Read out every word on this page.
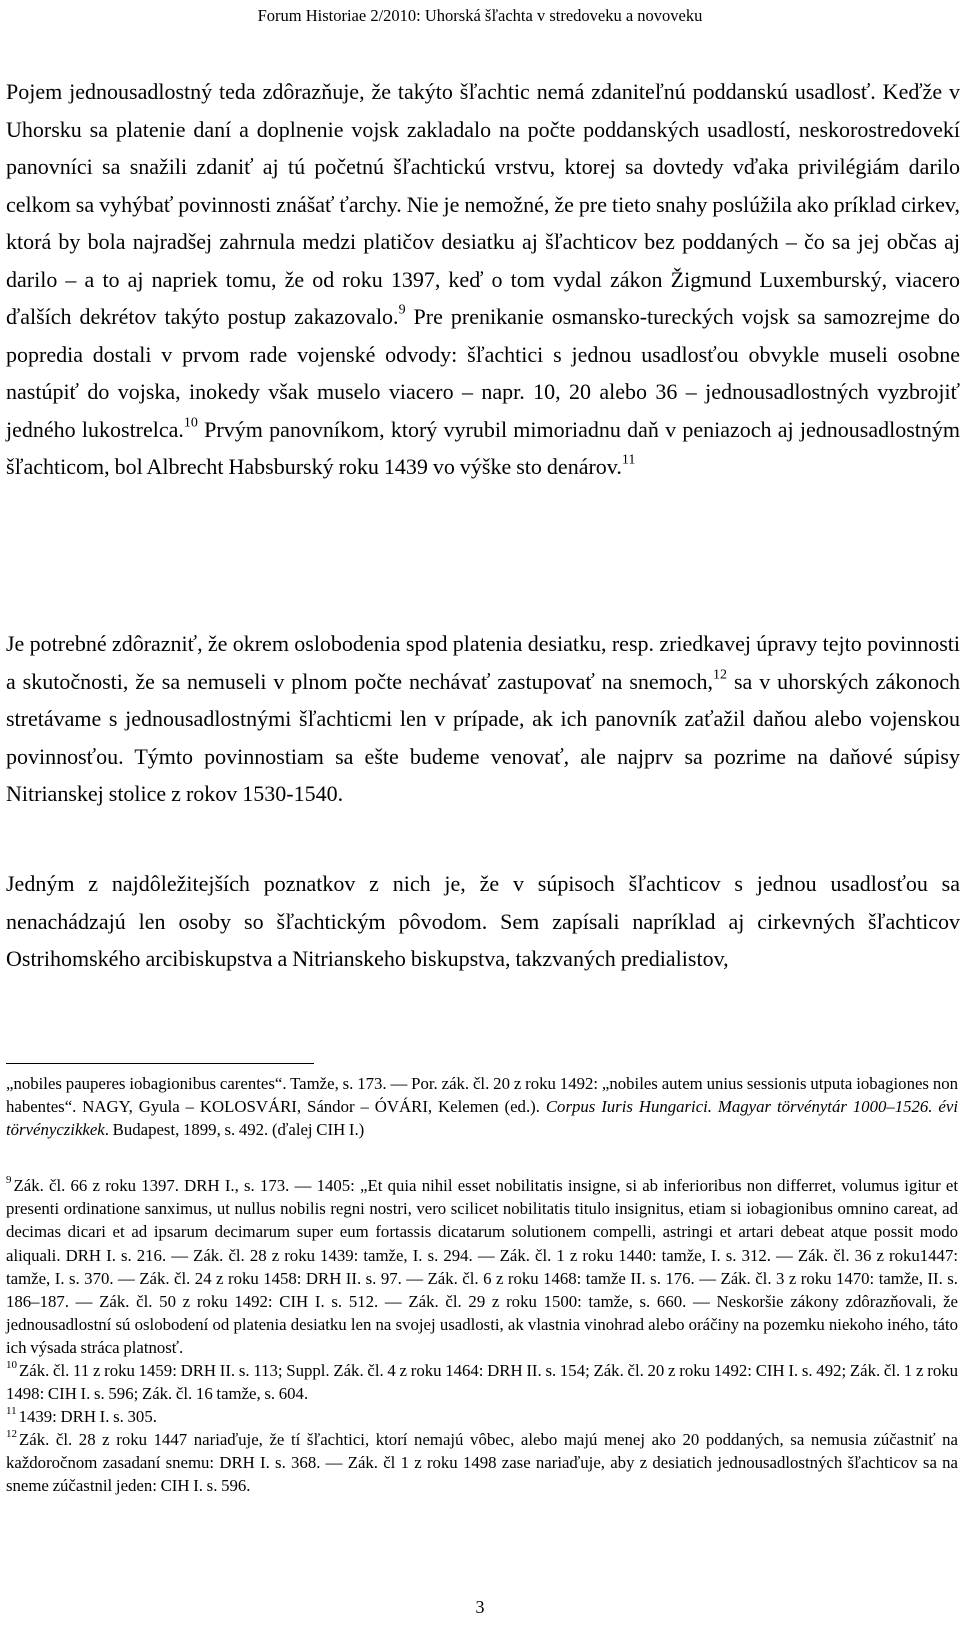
Forum Historiae 2/2010: Uhorská šľachta v stredoveku a novoveku
Pojem jednousadlostný teda zdôrazňuje, že takýto šľachtic nemá zdaniteľnú poddanskú usadlosť. Keďže v Uhorsku sa platenie daní a doplnenie vojsk zakladalo na počte poddanských usadlostí, neskorostredovekí panovníci sa snažili zdaniť aj tú početnú šľachtickú vrstvu, ktorej sa dovtedy vďaka privilégiám darilo celkom sa vyhýbať povinnosti znášať ťarchy. Nie je nemožné, že pre tieto snahy poslúžila ako príklad cirkev, ktorá by bola najradšej zahrnula medzi platičov desiatku aj šľachticov bez poddaných – čo sa jej občas aj darilo – a to aj napriek tomu, že od roku 1397, keď o tom vydal zákon Žigmund Luxemburský, viacero ďalších dekrétov takýto postup zakazovalo.$^9$ Pre prenikanie osmansko-tureckých vojsk sa samozrejme do popredia dostali v prvom rade vojenské odvody: šľachtici s jednou usadlosťou obvykle museli osobne nastúpiť do vojska, inokedy však muselo viacero – napr. 10, 20 alebo 36 – jednousadlostných vyzbrojiť jedného lukostrelca.$^{10}$ Prvým panovníkom, ktorý vyrubil mimoriadnu daň v peniazoch aj jednousadlostným šľachticom, bol Albrecht Habsburský roku 1439 vo výške sto denárov.$^{11}$
Je potrebné zdôrazniť, že okrem oslobodenia spod platenia desiatku, resp. zriedkavej úpravy tejto povinnosti a skutočnosti, že sa nemuseli v plnom počte nechávať zastupovať na snemoch,$^{12}$ sa v uhorských zákonoch stretávame s jednousadlostnými šľachticmi len v prípade, ak ich panovník zaťažil daňou alebo vojenskou povinnosťou. Týmto povinnostiam sa ešte budeme venovať, ale najprv sa pozrime na daňové súpisy Nitrianskej stolice z rokov 1530-1540.
Jedným z najdôležitejších poznatkov z nich je, že v súpisoch šľachticov s jednou usadlosťou sa nenachádzajú len osoby so šľachtickým pôvodom. Sem zapísali napríklad aj cirkevných šľachticov Ostrihomského arcibiskupstva a Nitrianskeho biskupstva, takzvaných predialistov,
„nobiles pauperes iobagionibus carentes“. Tamže, s. 173. — Por. zák. čl. 20 z roku 1492: „nobiles autem unius sessionis utputa iobagiones non habentes“. NAGY, Gyula – KOLOSVÁRI, Sándor – ÓVÁRI, Kelemen (ed.). Corpus Iuris Hungarici. Magyar törvénytár 1000–1526. évi törvényczikkek. Budapest, 1899, s. 492. (ďalej CIH I.)
$^9$ Zák. čl. 66 z roku 1397. DRH I., s. 173. — 1405: „Et quia nihil esset nobilitatis insigne, si ab inferioribus non differret, volumus igitur et presenti ordinatione sanximus, ut nullus nobilis regni nostri, vero scilicet nobilitatis titulo insignitus, etiam si iobagionibus omnino careat, ad decimas dicari et ad ipsarum decimarum super eum fortassis dicatarum solutionem compelli, astringi et artari debeat atque possit modo aliquali. DRH I. s. 216. — Zák. čl. 28 z roku 1439: tamže, I. s. 294. — Zák. čl. 1 z roku 1440: tamže, I. s. 312. — Zák. čl. 36 z roku1447: tamže, I. s. 370. — Zák. čl. 24 z roku 1458: DRH II. s. 97. — Zák. čl. 6 z roku 1468: tamže II. s. 176. — Zák. čl. 3 z roku 1470: tamže, II. s. 186–187. — Zák. čl. 50 z roku 1492: CIH I. s. 512. — Zák. čl. 29 z roku 1500: tamže, s. 660. — Neskoršie zákony zdôrazňovali, že jednousadlostní sú oslobodení od platenia desiatku len na svojej usadlosti, ak vlastnia vinohrad alebo oráčiny na pozemku niekoho iného, táto ich výsada stráca platnosť.
$^{10}$ Zák. čl. 11 z roku 1459: DRH II. s. 113; Suppl. Zák. čl. 4 z roku 1464: DRH II. s. 154; Zák. čl. 20 z roku 1492: CIH I. s. 492; Zák. čl. 1 z roku 1498: CIH I. s. 596; Zák. čl. 16 tamže, s. 604.
$^{11}$ 1439: DRH I. s. 305.
$^{12}$ Zák. čl. 28 z roku 1447 nariaďuje, že tí šľachtici, ktorí nemajú vôbec, alebo majú menej ako 20 poddaných, sa nemusia zúčastniť na každoročnom zasadaní snemu: DRH I. s. 368. — Zák. čl 1 z roku 1498 zase nariaďuje, aby z desiatich jednousadlostných šľachticov sa na sneme zúčastnil jeden: CIH I. s. 596.
3
